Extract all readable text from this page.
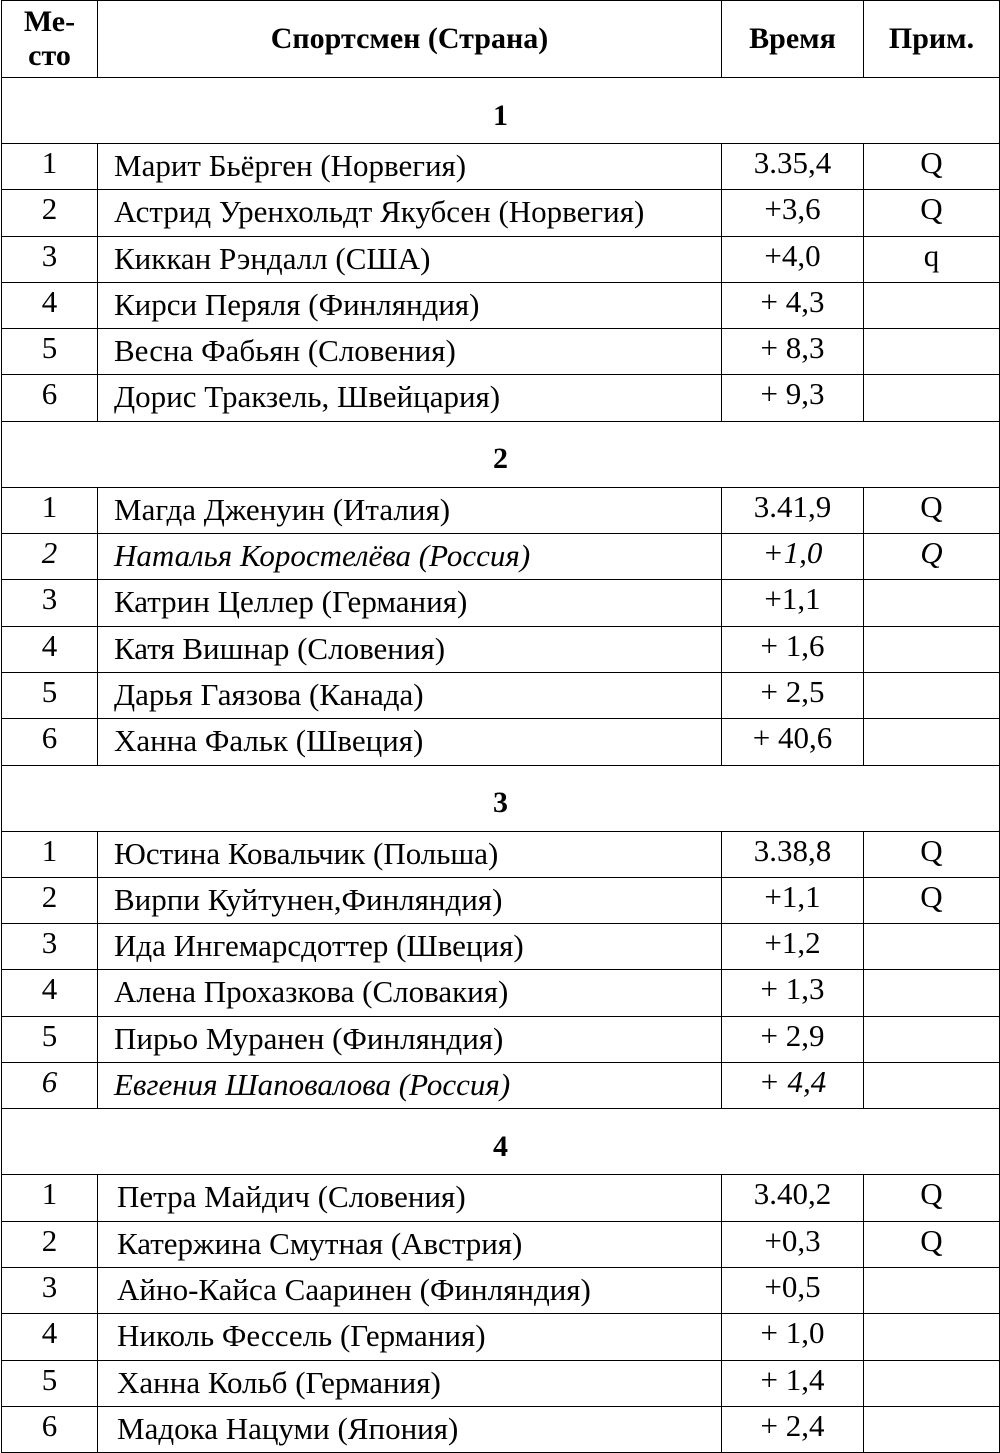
Ме-сто	Спортсмен (Страна)	Время	Прим.
1			
1	Марит Бьёрген (Норвегия)	3.35,4	Q
2	Астрид Уренхольдт Якубсен (Норвегия)	+3,6	Q
3	Киккан Рэндалл (США)	+4,0	q
4	Кирси Перяля (Финляндия)	+ 4,3	
5	Весна Фабьян (Словения)	+ 8,3	
6	Дорис Тракзель, Швейцария)	+ 9,3	
2			
1	Магда Дженуин (Италия)	3.41,9	Q
2	Наталья Коростелёва (Россия)	+1,0	Q
3	Катрин Целлер (Германия)	+1,1	
4	Катя Вишнар (Словения)	+ 1,6	
5	Дарья Гаязова (Канада)	+ 2,5	
6	Ханна Фальк (Швеция)	+ 40,6	
3			
1	Юстина Ковальчик (Польша)	3.38,8	Q
2	Вирпи Куйтунен,Финляндия)	+1,1	Q
3	Ида Ингемарсдоттер (Швеция)	+1,2	
4	Алена Прохазкова (Словакия)	+ 1,3	
5	Пирьо Муранен (Финляндия)	+ 2,9	
6	Евгения Шаповалова (Россия)	+ 4,4	
4			
1	Петра Майдич (Словения)	3.40,2	Q
2	Катержина Смутная (Австрия)	+0,3	Q
3	Айно-Кайса Сааринен (Финляндия)	+0,5	
4	Николь Фессель (Германия)	+ 1,0	
5	Ханна Кольб (Германия)	+ 1,4	
6	Мадока Нацуми (Япония)	+ 2,4	
